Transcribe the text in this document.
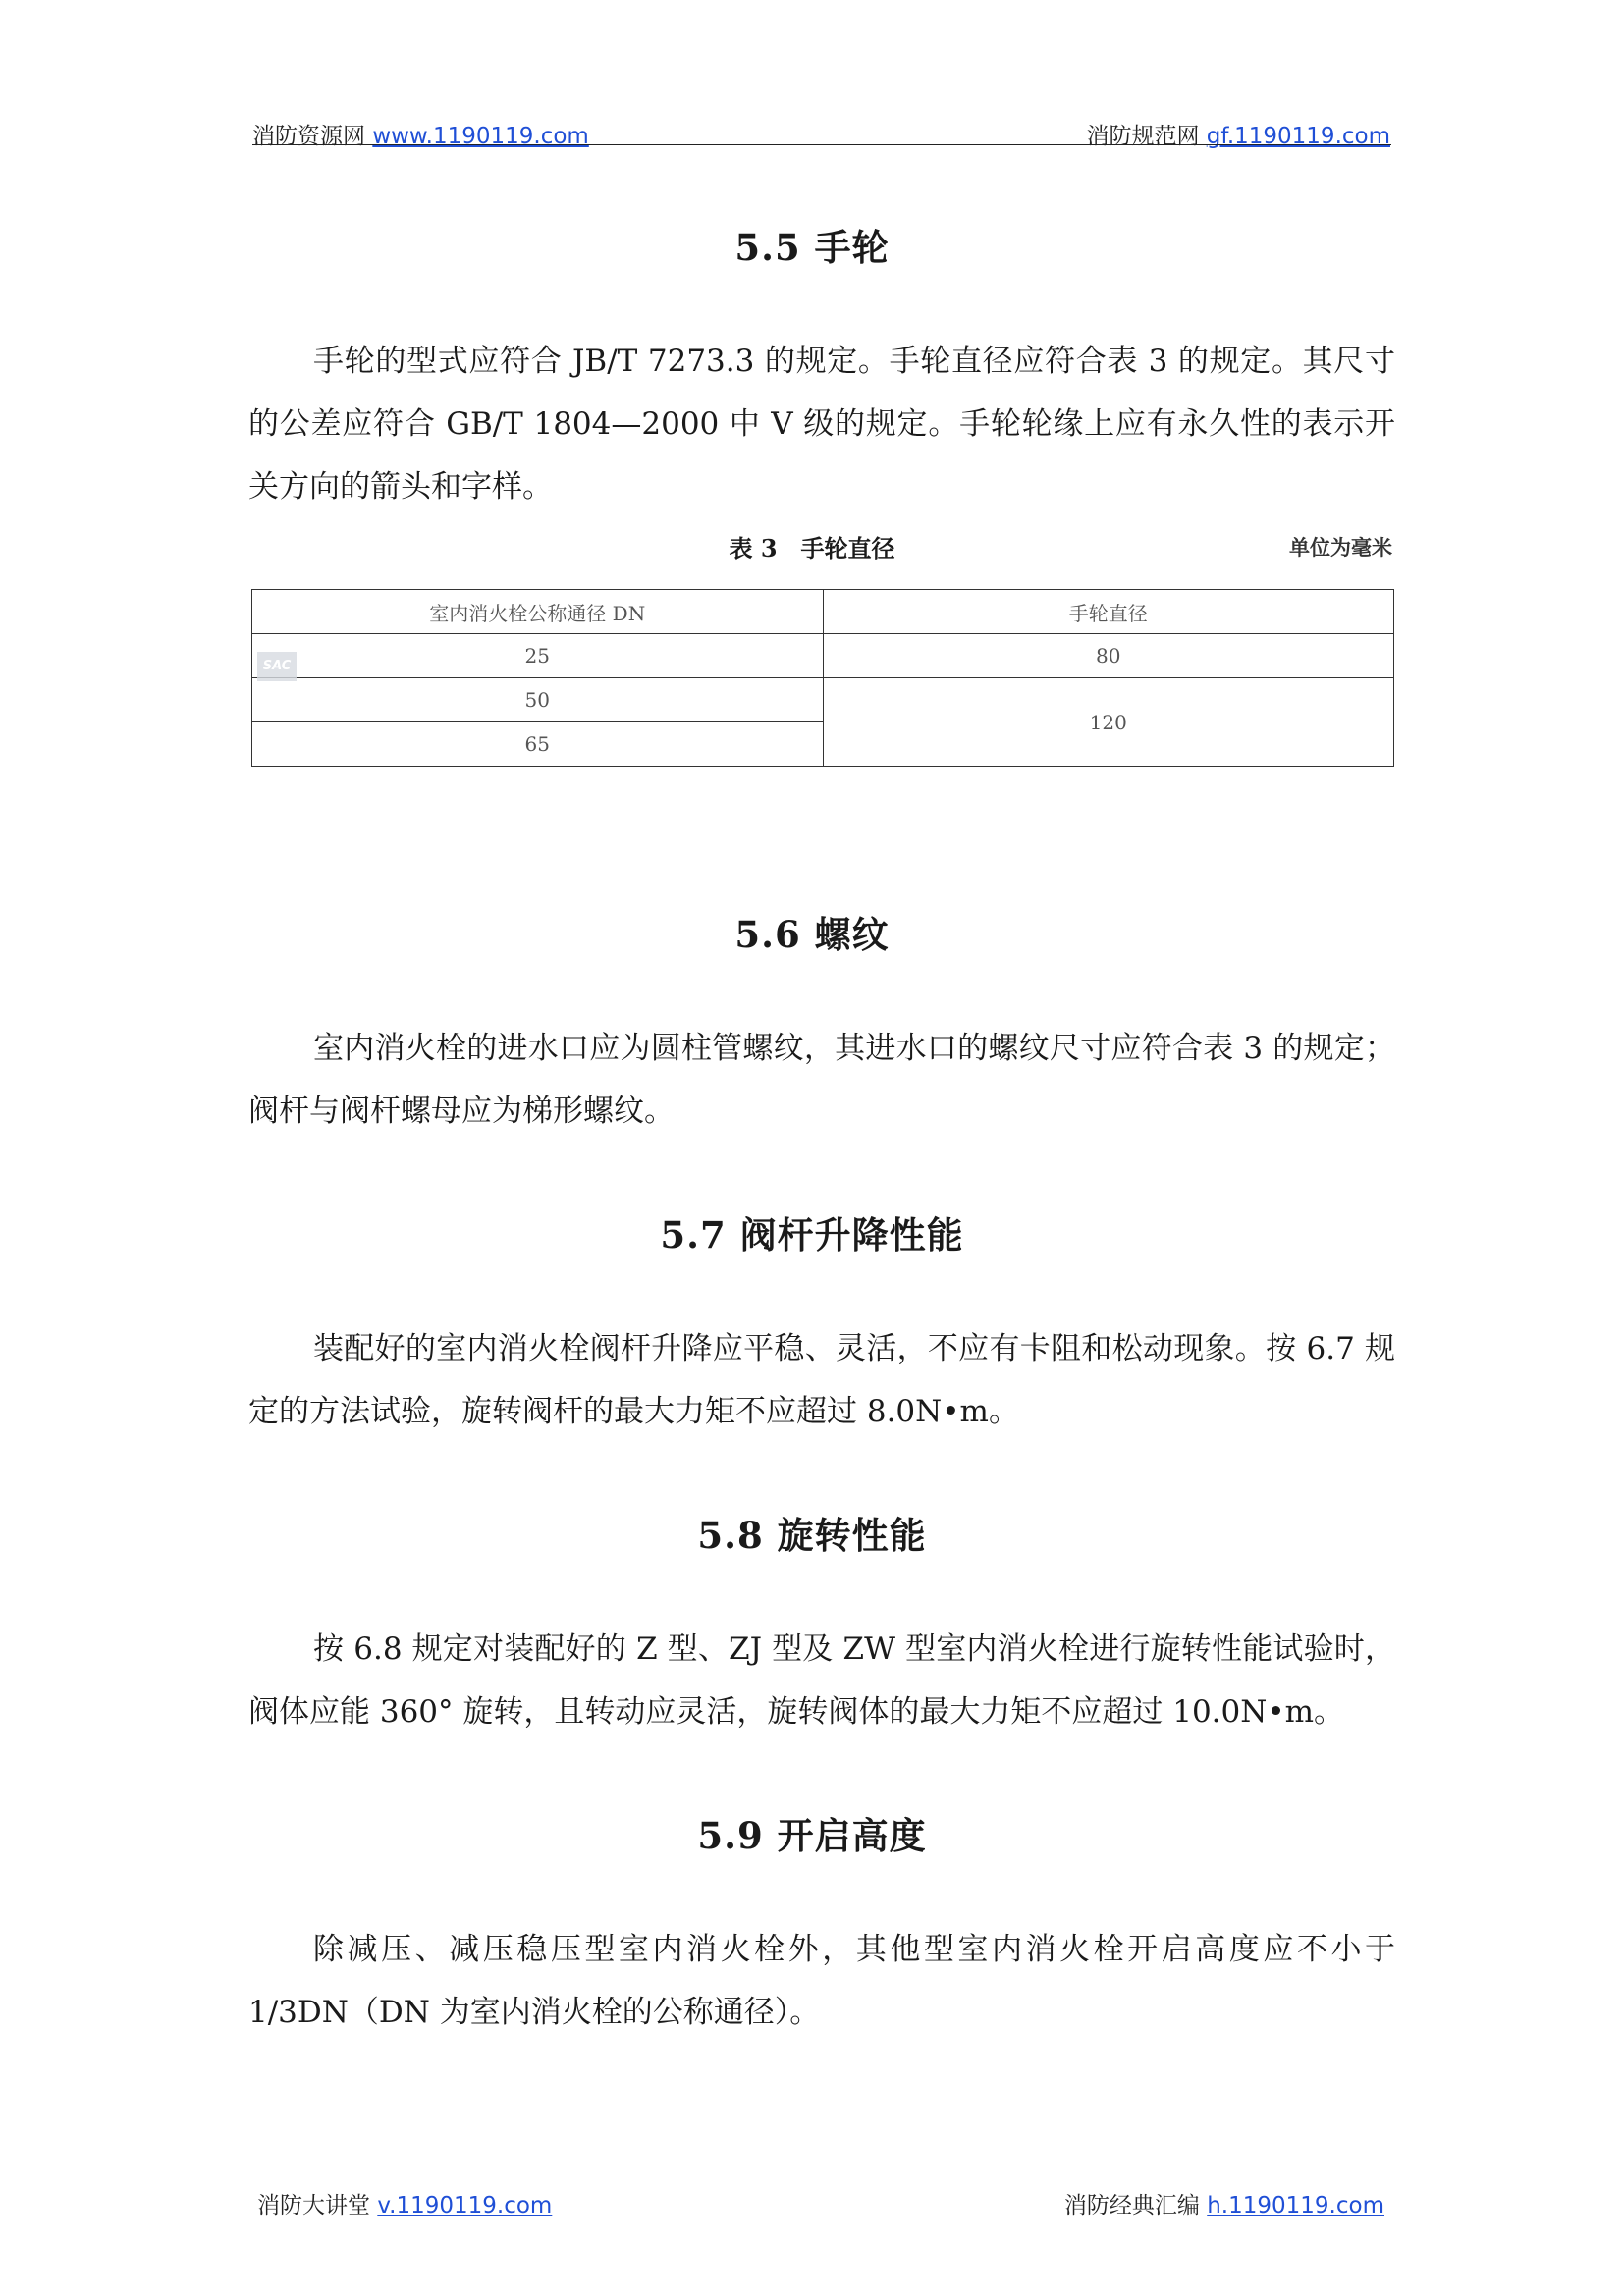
消防资源网 www.1190119.com	消防规范网 gf.1190119.com
5.5 手轮

手轮的型式应符合 JB/T 7273.3 的规定。手轮直径应符合表 3 的规定。其尺寸的公差应符合 GB/T 1804—2000 中 V 级的规定。手轮轮缘上应有永久性的表示开关方向的箭头和字样。

表 3　手轮直径	单位为毫米
室内消火栓公称通径 DN	手轮直径
25	80
50	120
65	
SAC
5.6 螺纹

室内消火栓的进水口应为圆柱管螺纹，其进水口的螺纹尺寸应符合表 3 的规定；阀杆与阀杆螺母应为梯形螺纹。

5.7 阀杆升降性能

装配好的室内消火栓阀杆升降应平稳、灵活，不应有卡阻和松动现象。按 6.7 规定的方法试验，旋转阀杆的最大力矩不应超过 8.0N•m。

5.8 旋转性能

按 6.8 规定对装配好的 Z 型、ZJ 型及 ZW 型室内消火栓进行旋转性能试验时，阀体应能 360° 旋转，且转动应灵活，旋转阀体的最大力矩不应超过 10.0N•m。

5.9 开启高度

除减压、减压稳压型室内消火栓外，其他型室内消火栓开启高度应不小于 1/3DN（DN 为室内消火栓的公称通径）。

消防大讲堂 v.1190119.com	消防经典汇编 h.1190119.com
